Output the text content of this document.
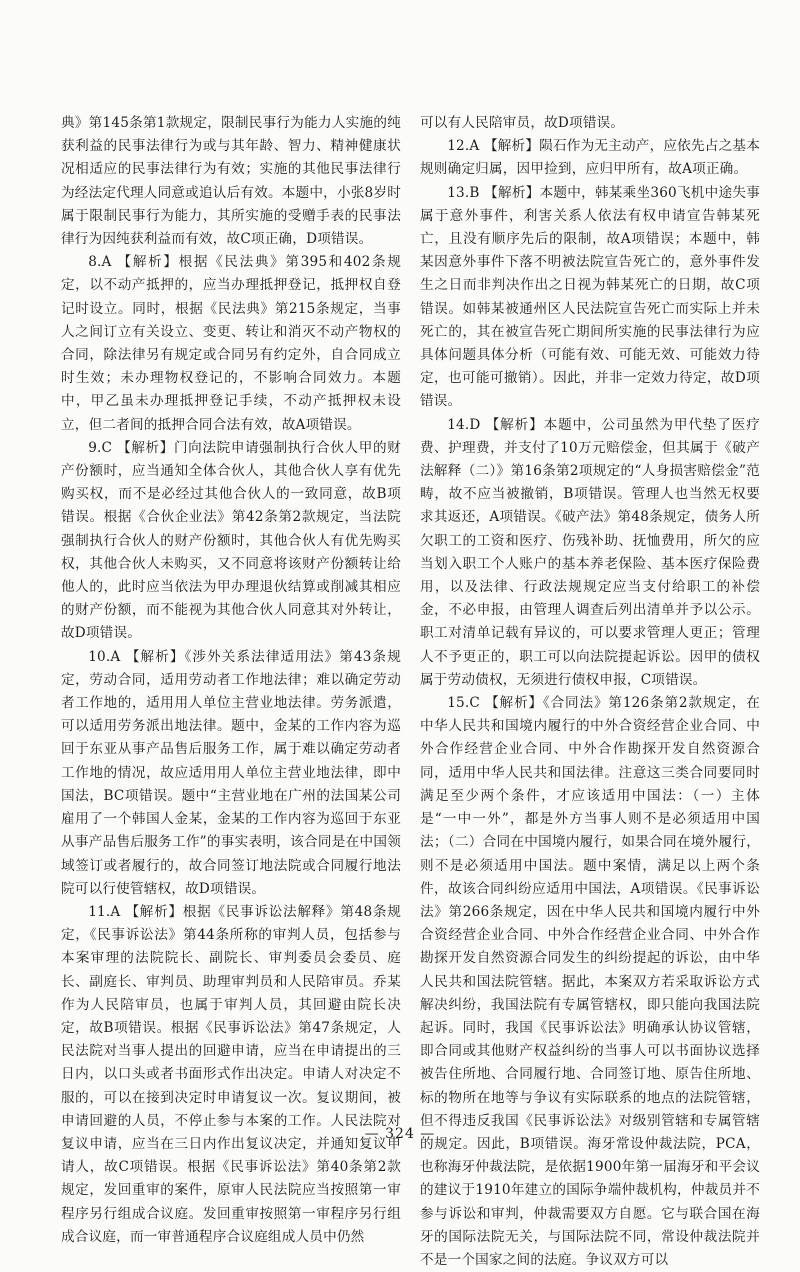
典》第145条第1款规定，限制民事行为能力人实施的纯获利益的民事法律行为或与其年龄、智力、精神健康状况相适应的民事法律行为有效；实施的其他民事法律行为经法定代理人同意或追认后有效。本题中，小张8岁时属于限制民事行为能力，其所实施的受赠手表的民事法律行为因纯获利益而有效，故C项正确，D项错误。

8.A 【解析】根据《民法典》第395和402条规定，以不动产抵押的，应当办理抵押登记，抵押权自登记时设立。同时，根据《民法典》第215条规定，当事人之间订立有关设立、变更、转让和消灭不动产物权的合同，除法律另有规定或合同另有约定外，自合同成立时生效；未办理物权登记的，不影响合同效力。本题中，甲乙虽未办理抵押登记手续，不动产抵押权未设立，但二者间的抵押合同合法有效，故A项错误。

9.C 【解析】门向法院申请强制执行合伙人甲的财产份额时，应当通知全体合伙人，其他合伙人享有优先购买权，而不是必经过其他合伙人的一致同意，故B项错误。根据《合伙企业法》第42条第2款规定，当法院强制执行合伙人的财产份额时，其他合伙人有优先购买权，其他合伙人未购买，又不同意将该财产份额转让给他人的，此时应当依法为甲办理退伙结算或削减其相应的财产份额，而不能视为其他合伙人同意其对外转让，故D项错误。

10.A 【解析】《涉外关系法律适用法》第43条规定，劳动合同，适用劳动者工作地法律；难以确定劳动者工作地的，适用用人单位主营业地法律。劳务派遣，可以适用劳务派出地法律。题中，金某的工作内容为巡回于东亚从事产品售后服务工作，属于难以确定劳动者工作地的情况，故应适用用人单位主营业地法律，即中国法，BC项错误。题中“主营业地在广州的法国某公司雇用了一个韩国人金某，金某的工作内容为巡回于东亚从事产品售后服务工作”的事实表明，该合同是在中国领域签订或者履行的，故合同签订地法院或合同履行地法院可以行使管辖权，故D项错误。

11.A 【解析】根据《民事诉讼法解释》第48条规定，《民事诉讼法》第44条所称的审判人员，包括参与本案审理的法院院长、副院长、审判委员会委员、庭长、副庭长、审判员、助理审判员和人民陪审员。乔某作为人民陪审员，也属于审判人员，其回避由院长决定，故B项错误。根据《民事诉讼法》第47条规定，人民法院对当事人提出的回避申请，应当在申请提出的三日内，以口头或者书面形式作出决定。申请人对决定不服的，可以在接到决定时申请复议一次。复议期间，被申请回避的人员，不停止参与本案的工作。人民法院对复议申请，应当在三日内作出复议决定，并通知复议申请人，故C项错误。根据《民事诉讼法》第40条第2款规定，发回重审的案件，原审人民法院应当按照第一审程序另行组成合议庭。发回重审按照第一审程序另行组成合议庭，而一审普通程序合议庭组成人员中仍然

可以有人民陪审员，故D项错误。

12.A 【解析】陨石作为无主动产，应依先占之基本规则确定归属，因甲捡到，应归甲所有，故A项正确。

13.B 【解析】本题中，韩某乘坐360飞机中途失事属于意外事件，利害关系人依法有权申请宣告韩某死亡，且没有顺序先后的限制，故A项错误；本题中，韩某因意外事件下落不明被法院宣告死亡的，意外事件发生之日而非判决作出之日视为韩某死亡的日期，故C项错误。如韩某被通州区人民法院宣告死亡而实际上并未死亡的，其在被宣告死亡期间所实施的民事法律行为应具体问题具体分析（可能有效、可能无效、可能效力待定，也可能可撤销）。因此，并非一定效力待定，故D项错误。

14.D 【解析】本题中，公司虽然为甲代垫了医疗费、护理费，并支付了10万元赔偿金，但其属于《破产法解释（二）》第16条第2项规定的“人身损害赔偿金”范畴，故不应当被撤销，B项错误。管理人也当然无权要求其返还，A项错误。《破产法》第48条规定，债务人所欠职工的工资和医疗、伤残补助、抚恤费用，所欠的应当划入职工个人账户的基本养老保险、基本医疗保险费用，以及法律、行政法规规定应当支付给职工的补偿金，不必申报，由管理人调查后列出清单并予以公示。职工对清单记载有异议的，可以要求管理人更正；管理人不予更正的，职工可以向法院提起诉讼。因甲的债权属于劳动债权，无须进行债权申报，C项错误。

15.C 【解析】《合同法》第126条第2款规定，在中华人民共和国境内履行的中外合资经营企业合同、中外合作经营企业合同、中外合作勘探开发自然资源合同，适用中华人民共和国法律。注意这三类合同要同时满足至少两个条件，才应该适用中国法：（一）主体是“一中一外”，都是外方当事人则不是必须适用中国法；（二）合同在中国境内履行，如果合同在境外履行，则不是必须适用中国法。题中案情，满足以上两个条件，故该合同纠纷应适用中国法，A项错误。《民事诉讼法》第266条规定，因在中华人民共和国境内履行中外合资经营企业合同、中外合作经营企业合同、中外合作勘探开发自然资源合同发生的纠纷提起的诉讼，由中华人民共和国法院管辖。据此，本案双方若采取诉讼方式解决纠纷，我国法院有专属管辖权，即只能向我国法院起诉。同时，我国《民事诉讼法》明确承认协议管辖，即合同或其他财产权益纠纷的当事人可以书面协议选择被告住所地、合同履行地、合同签订地、原告住所地、标的物所在地等与争议有实际联系的地点的法院管辖，但不得违反我国《民事诉讼法》对级别管辖和专属管辖的规定。因此，B项错误。海牙常设仲裁法院，PCA，也称海牙仲裁法院，是依据1900年第一届海牙和平会议的建议于1910年建立的国际争端仲裁机构，仲裁员并不参与诉讼和审判，仲裁需要双方自愿。它与联合国在海牙的国际法院无关，与国际法院不同，常设仲裁法院并不是一个国家之间的法庭。争议双方可以

— 324 —
